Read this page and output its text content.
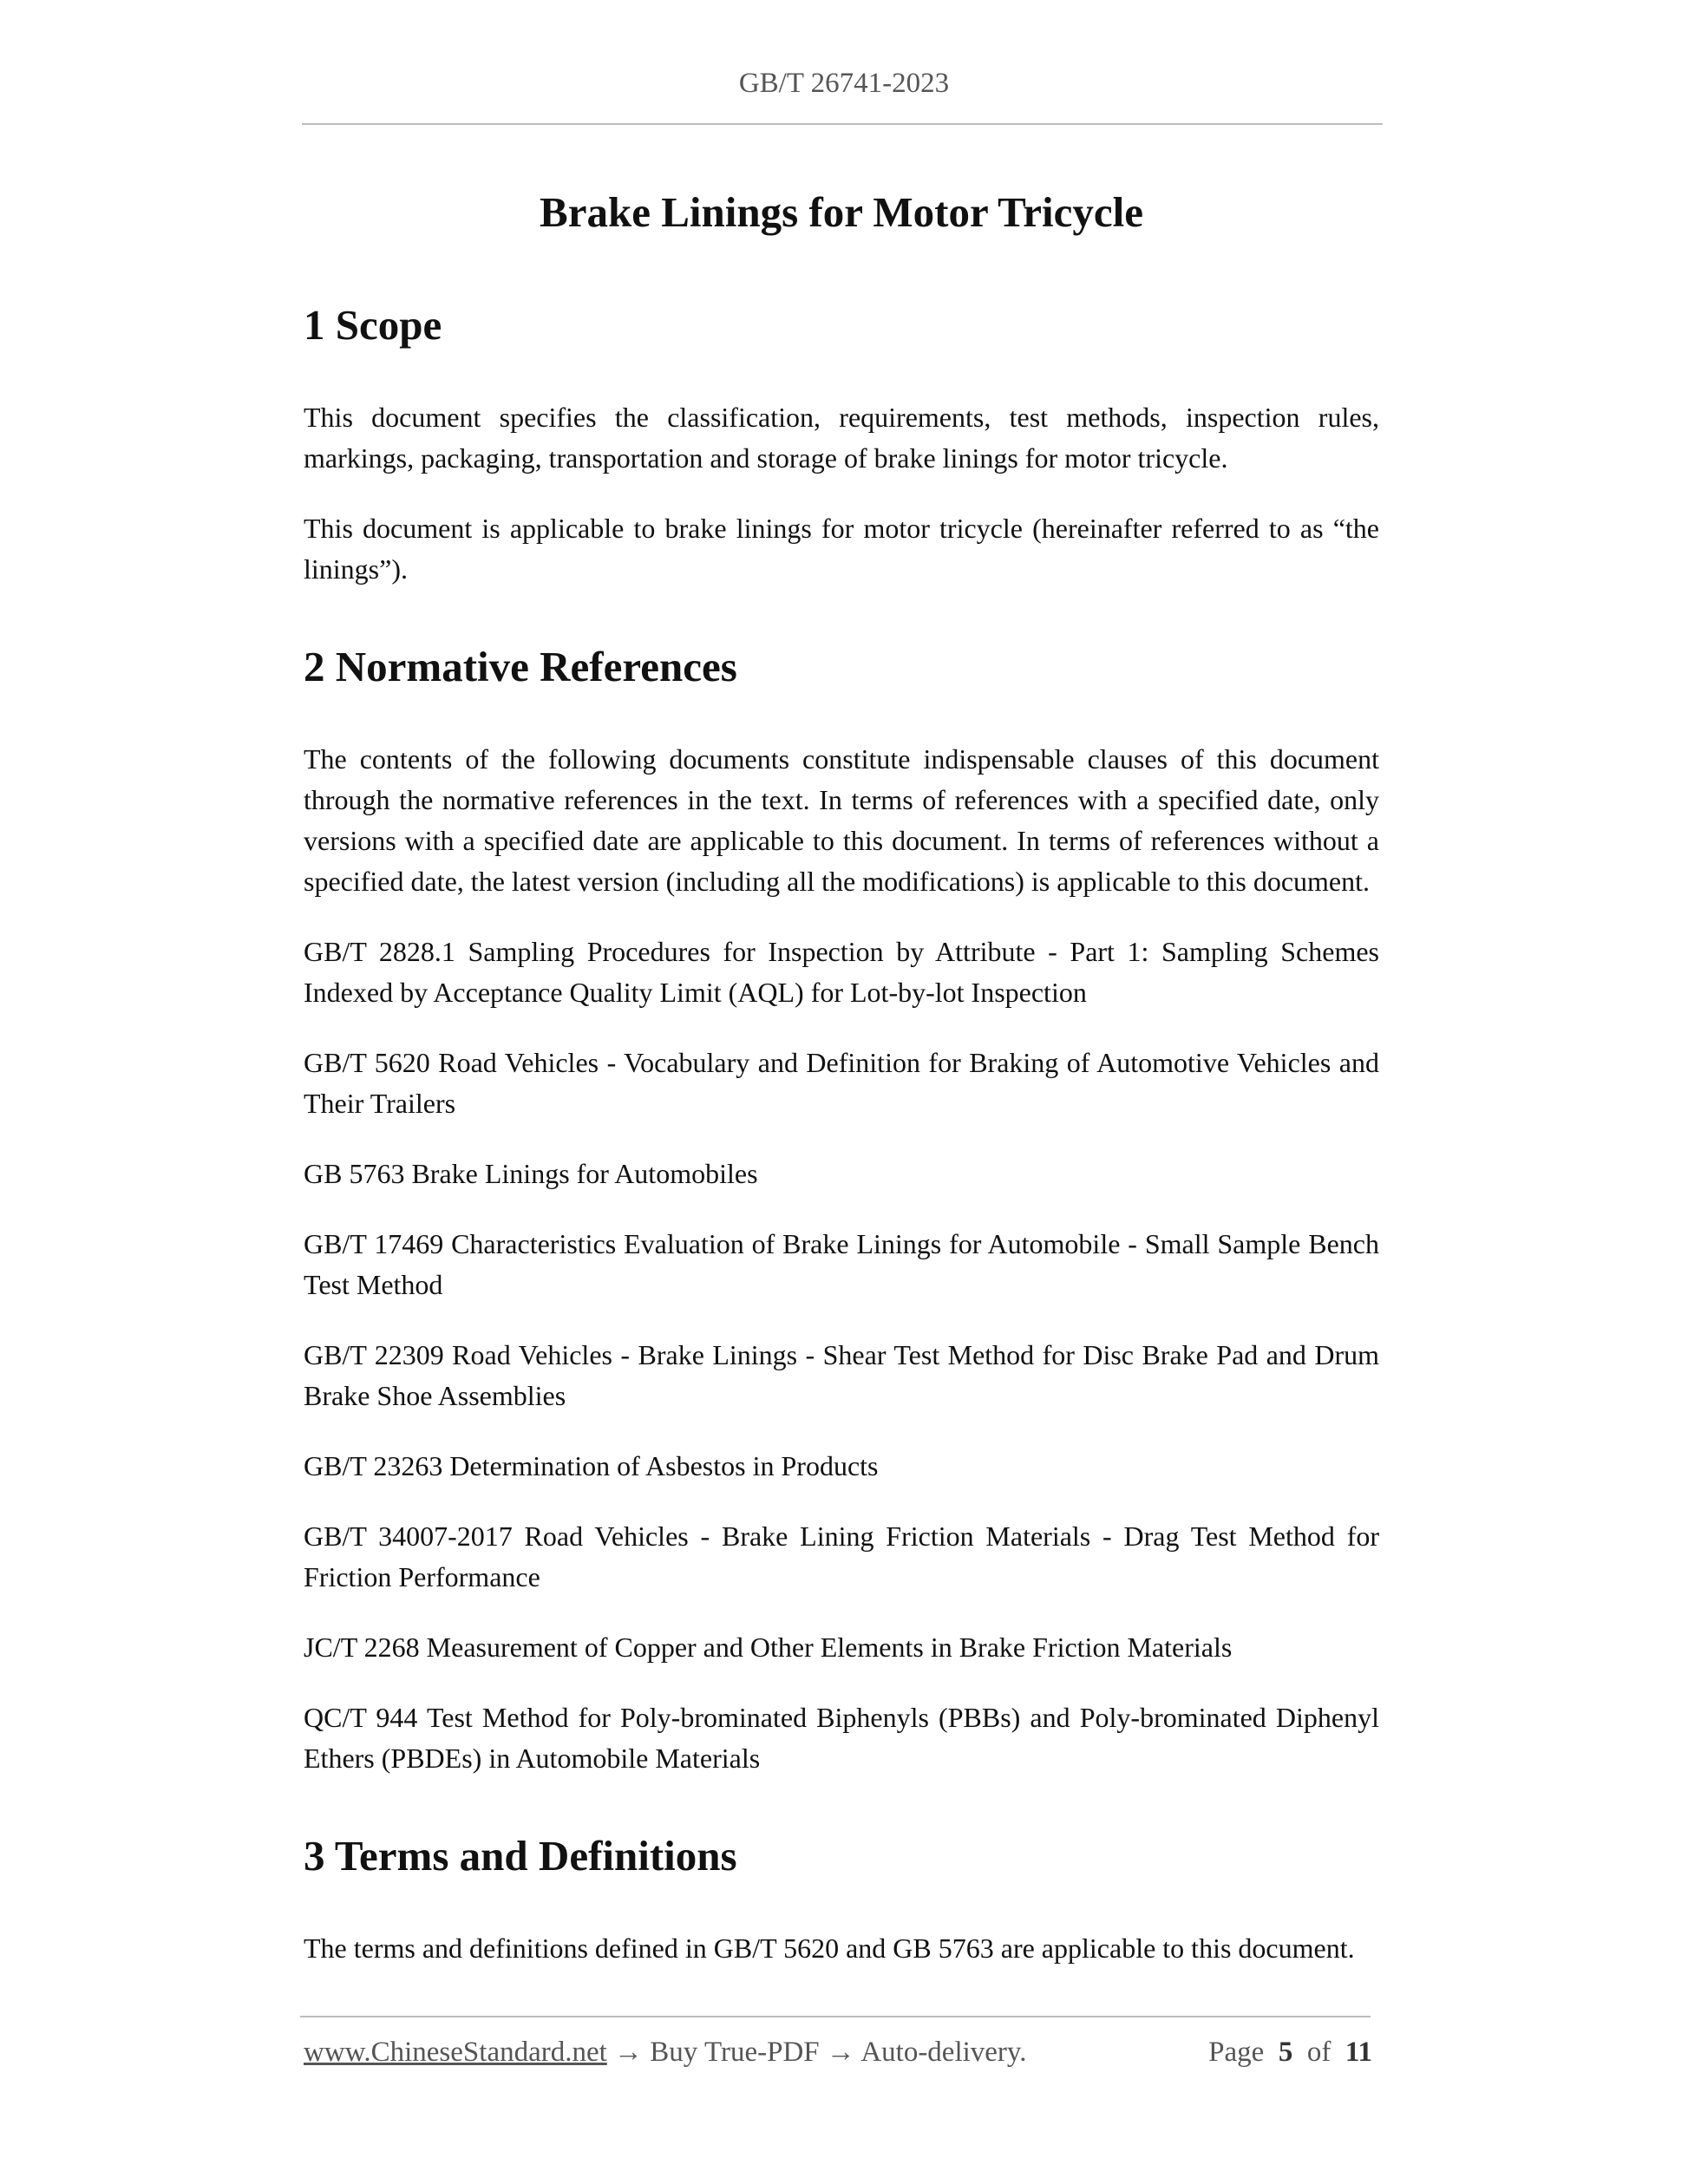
GB/T 26741-2023
Brake Linings for Motor Tricycle
1 Scope

This document specifies the classification, requirements, test methods, inspection rules, markings, packaging, transportation and storage of brake linings for motor tricycle.

This document is applicable to brake linings for motor tricycle (hereinafter referred to as “the linings”).

2 Normative References

The contents of the following documents constitute indispensable clauses of this document through the normative references in the text. In terms of references with a specified date, only versions with a specified date are applicable to this document. In terms of references without a specified date, the latest version (including all the modifications) is applicable to this document.

GB/T 2828.1 Sampling Procedures for Inspection by Attribute - Part 1: Sampling Schemes Indexed by Acceptance Quality Limit (AQL) for Lot-by-lot Inspection

GB/T 5620 Road Vehicles - Vocabulary and Definition for Braking of Automotive Vehicles and Their Trailers

GB 5763 Brake Linings for Automobiles

GB/T 17469 Characteristics Evaluation of Brake Linings for Automobile - Small Sample Bench Test Method

GB/T 22309 Road Vehicles - Brake Linings - Shear Test Method for Disc Brake Pad and Drum Brake Shoe Assemblies

GB/T 23263 Determination of Asbestos in Products

GB/T 34007-2017 Road Vehicles - Brake Lining Friction Materials - Drag Test Method for Friction Performance

JC/T 2268 Measurement of Copper and Other Elements in Brake Friction Materials

QC/T 944 Test Method for Poly-brominated Biphenyls (PBBs) and Poly-brominated Diphenyl Ethers (PBDEs) in Automobile Materials

3 Terms and Definitions

The terms and definitions defined in GB/T 5620 and GB 5763 are applicable to this document.

www.ChineseStandard.net → Buy True-PDF → Auto-delivery.	Page 5 of 11
